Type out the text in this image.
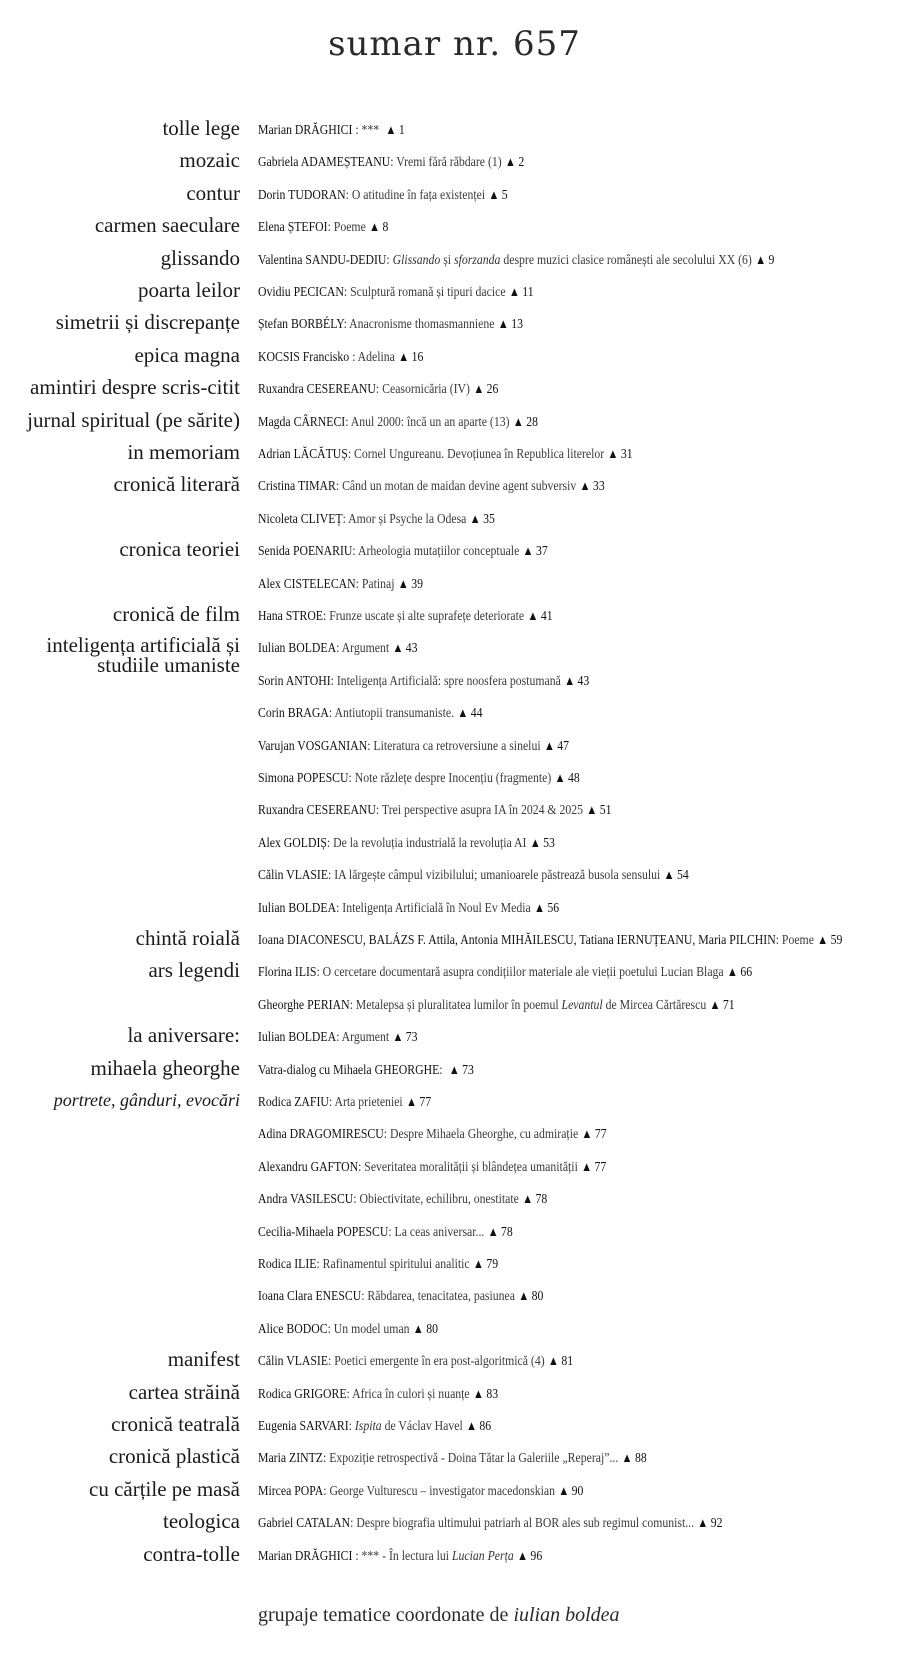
sumar nr. 657
tolle lege Marian DRĂGHICI : *** ▲ 1
mozaic Gabriela ADAMEȘTEANU: Vremi fără răbdare (1) ▲ 2
contur Dorin TUDORAN: O atitudine în fața existenței ▲ 5
carmen saeculare Elena ȘTEFOI: Poeme ▲ 8
glissando Valentina SANDU-DEDIU: Glissando și sforzanda despre muzici clasice românești ale secolului XX (6) ▲ 9
poarta leilor Ovidiu PECICAN: Sculptură romană și tipuri dacice ▲ 11
simetrii și discrepanțe Ștefan BORBÉLY: Anacronisme thomasmanniene ▲ 13
epica magna KOCSIS Francisko : Adelina ▲ 16
amintiri despre scris-citit Ruxandra CESEREANU: Ceasornicăria (IV) ▲ 26
jurnal spiritual (pe sărite) Magda CÂRNECI: Anul 2000: încă un an aparte (13) ▲ 28
in memoriam Adrian LĂCĂTUȘ: Cornel Ungureanu. Devoțiunea în Republica literelor ▲ 31
cronică literară Cristina TIMAR: Când un motan de maidan devine agent subversiv ▲ 33
Nicoleta CLIVEȚ: Amor și Psyche la Odesa ▲ 35
cronica teoriei Senida POENARIU: Arheologia mutațiilor conceptuale ▲ 37
Alex CISTELECAN: Patinaj ▲ 39
cronică de film Hana STROE: Frunze uscate și alte suprafețe deteriorate ▲ 41
inteligența artificială și
studiile umaniste
Iulian BOLDEA: Argument ▲ 43
Sorin ANTOHI: Inteligența Artificială: spre noosfera postumană ▲ 43
Corin BRAGA: Antiutopii transumaniste. ▲ 44
Varujan VOSGANIAN: Literatura ca retroversiune a sinelui ▲ 47
Simona POPESCU: Note răzlețe despre Inocențiu (fragmente) ▲ 48
Ruxandra CESEREANU: Trei perspective asupra IA în 2024 & 2025 ▲ 51
Alex GOLDIȘ: De la revoluția industrială la revoluția AI ▲ 53
Călin VLASIE: IA lărgește câmpul vizibilului; umanioarele păstrează busola sensului ▲ 54
Iulian BOLDEA: Inteligența Artificială în Noul Ev Media ▲ 56
chintă roială Ioana DIACONESCU, BALÁZS F. Attila, Antonia MIHĂILESCU, Tatiana IERNUȚEANU, Maria PILCHIN: Poeme ▲ 59
ars legendi Florina ILIS: O cercetare documentară asupra condițiilor materiale ale vieții poetului Lucian Blaga ▲ 66
Gheorghe PERIAN: Metalepsa și pluralitatea lumilor în poemul Levantul de Mircea Cărtărescu ▲ 71
la aniversare: Iulian BOLDEA: Argument ▲ 73
mihaela gheorghe Vatra-dialog cu Mihaela GHEORGHE: ▲ 73
portrete, gânduri, evocări Rodica ZAFIU: Arta prieteniei ▲ 77
Adina DRAGOMIRESCU: Despre Mihaela Gheorghe, cu admirație ▲ 77
Alexandru GAFTON: Severitatea moralității și blândețea umanității ▲ 77
Andra VASILESCU: Obiectivitate, echilibru, onestitate ▲ 78
Cecilia-Mihaela POPESCU: La ceas aniversar... ▲ 78
Rodica ILIE: Rafinamentul spiritului analitic ▲ 79
Ioana Clara ENESCU: Răbdarea, tenacitatea, pasiunea ▲ 80
Alice BODOC: Un model uman ▲ 80
manifest Călin VLASIE: Poetici emergente în era post-algoritmică (4) ▲ 81
cartea străină Rodica GRIGORE: Africa în culori și nuanțe ▲ 83
cronică teatrală Eugenia SARVARI: Ispita de Václav Havel ▲ 86
cronică plastică Maria ZINTZ: Expoziție retrospectivă - Doina Tătar la Galeriile „Reperaj”... ▲ 88
cu cărțile pe masă Mircea POPA: George Vulturescu – investigator macedonskian ▲ 90
teologica Gabriel CATALAN: Despre biografia ultimului patriarh al BOR ales sub regimul comunist... ▲ 92
contra-tolle Marian DRĂGHICI : *** - În lectura lui Lucian Perța ▲ 96
grupaje tematice coordonate de iulian boldea
